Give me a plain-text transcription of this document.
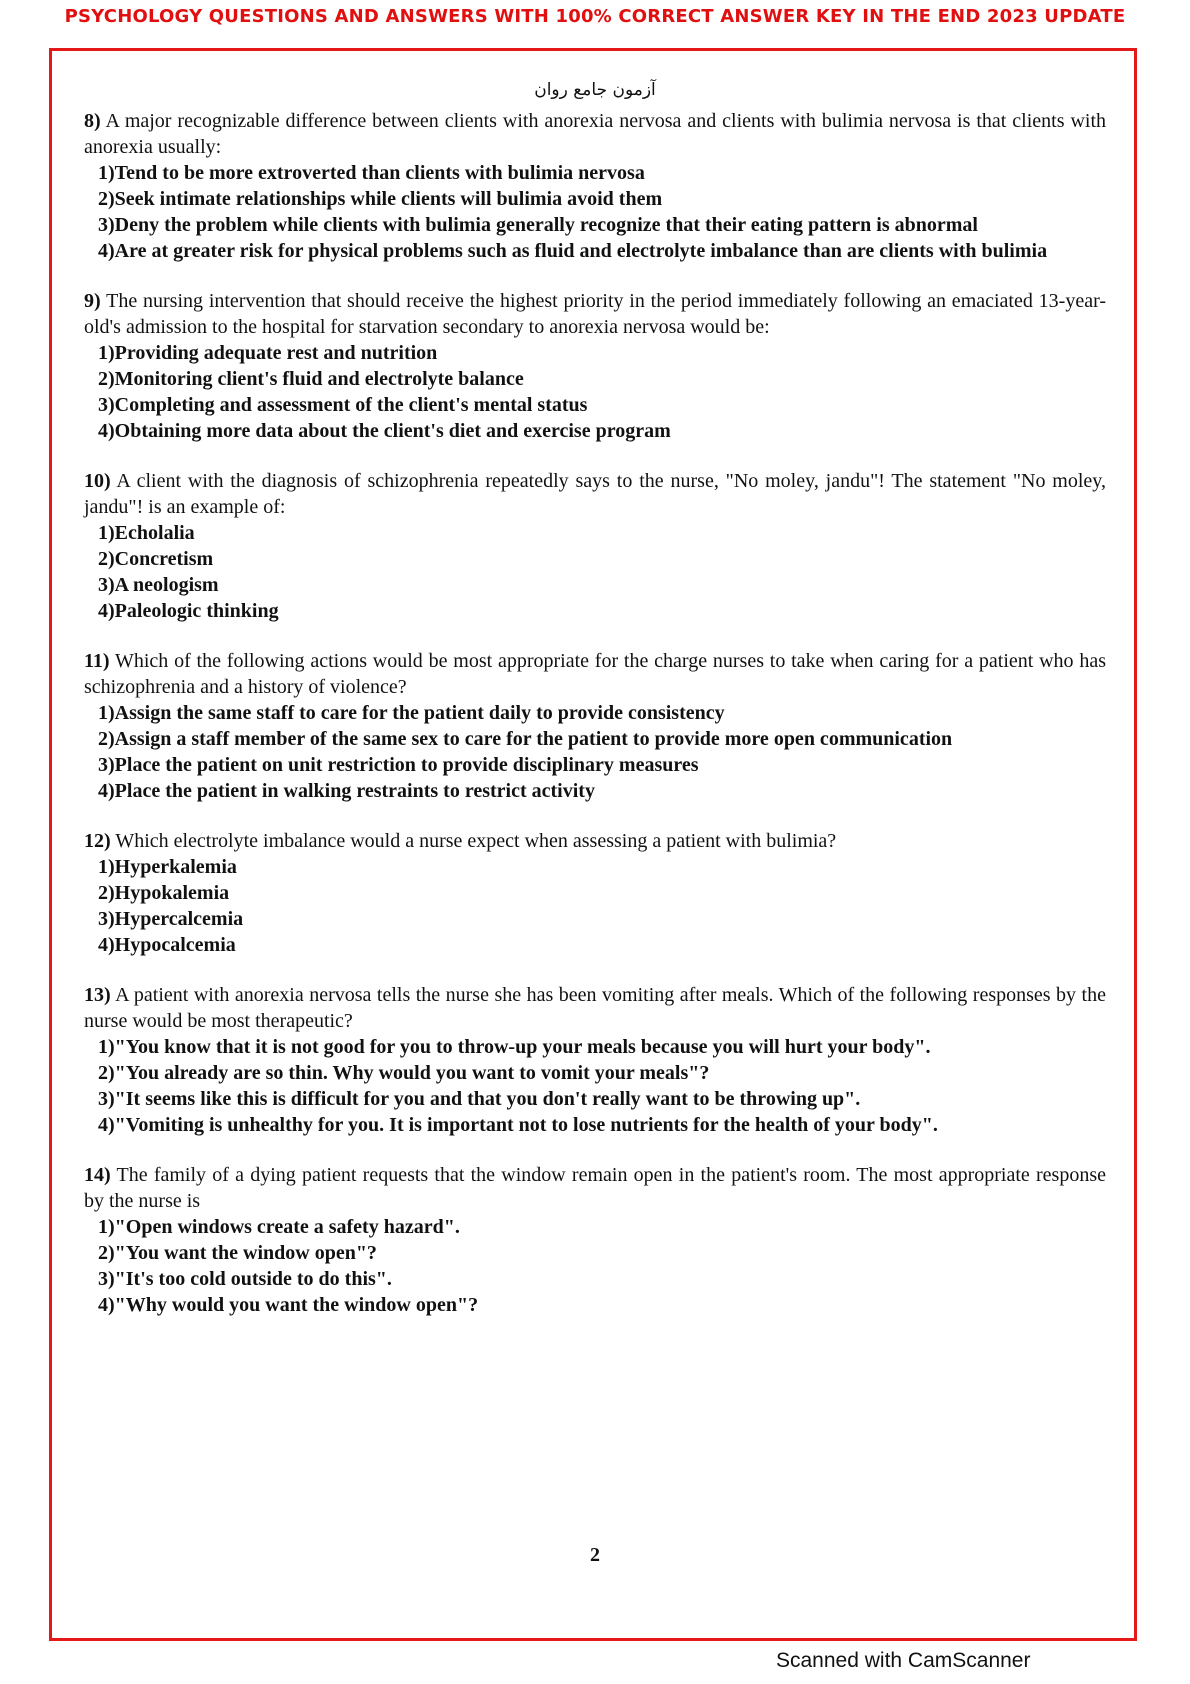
PSYCHOLOGY QUESTIONS AND ANSWERS WITH 100% CORRECT ANSWER KEY IN THE END 2023 UPDATE
آزمون جامع روان
8) A major recognizable difference between clients with anorexia nervosa and clients with bulimia nervosa is that clients with anorexia usually:
1)Tend to be more extroverted than clients with bulimia nervosa
2)Seek intimate relationships while clients will bulimia avoid them
3)Deny the problem while clients with bulimia generally recognize that their eating pattern is abnormal
4)Are at greater risk for physical problems such as fluid and electrolyte imbalance than are clients with bulimia
9) The nursing intervention that should receive the highest priority in the period immediately following an emaciated 13-year-old's admission to the hospital for starvation secondary to anorexia nervosa would be:
1)Providing adequate rest and nutrition
2)Monitoring client's fluid and electrolyte balance
3)Completing and assessment of the client's mental status
4)Obtaining more data about the client's diet and exercise program
10) A client with the diagnosis of schizophrenia repeatedly says to the nurse, "No moley, jandu"! The statement "No moley, jandu"! is an example of:
1)Echolalia
2)Concretism
3)A neologism
4)Paleologic thinking
11) Which of the following actions would be most appropriate for the charge nurses to take when caring for a patient who has schizophrenia and a history of violence?
1)Assign the same staff to care for the patient daily to provide consistency
2)Assign a staff member of the same sex to care for the patient to provide more open communication
3)Place the patient on unit restriction to provide disciplinary measures
4)Place the patient in walking restraints to restrict activity
12) Which electrolyte imbalance would a nurse expect when assessing a patient with bulimia?
1)Hyperkalemia
2)Hypokalemia
3)Hypercalcemia
4)Hypocalcemia
13) A patient with anorexia nervosa tells the nurse she has been vomiting after meals. Which of the following responses by the nurse would be most therapeutic?
1)"You know that it is not good for you to throw-up your meals because you will hurt your body".
2)"You already are so thin. Why would you want to vomit your meals"?
3)"It seems like this is difficult for you and that you don't really want to be throwing up".
4)"Vomiting is unhealthy for you. It is important not to lose nutrients for the health of your body".
14) The family of a dying patient requests that the window remain open in the patient's room. The most appropriate response by the nurse is
1)"Open windows create a safety hazard".
2)"You want the window open"?
3)"It's too cold outside to do this".
4)"Why would you want the window open"?
2
Scanned with CamScanner
